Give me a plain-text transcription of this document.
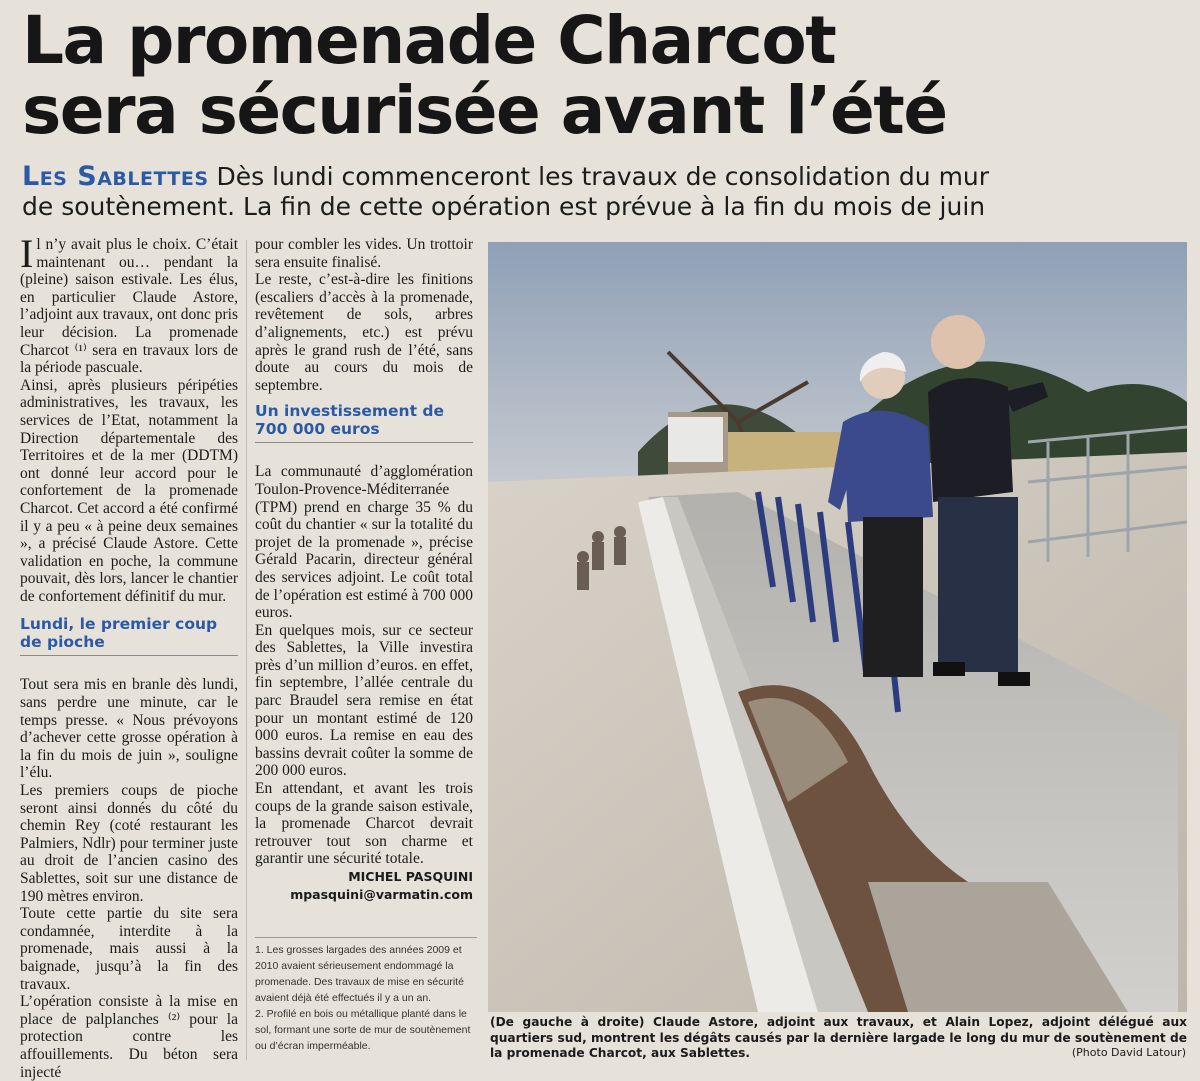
La promenade Charcot
sera sécurisée avant l’été
Les Sablettes Dès lundi commenceront les travaux de consolidation du mur
de soutènement. La fin de cette opération est prévue à la fin du mois de juin

Il n’y avait plus le choix. C’était maintenant ou… pendant la (pleine) saison estivale. Les élus, en particulier Claude Astore, l’adjoint aux travaux, ont donc pris leur décision. La promenade Charcot ⁽¹⁾ sera en travaux lors de la période pascuale.

Ainsi, après plusieurs péripéties administratives, les travaux, les services de l’Etat, notamment la Direction départementale des Territoires et de la mer (DDTM) ont donné leur accord pour le confortement de la promenade Charcot. Cet accord a été confirmé il y a peu « à peine deux semaines », a précisé Claude Astore. Cette validation en poche, la commune pouvait, dès lors, lancer le chantier de confortement définitif du mur.

Lundi, le premier coup de pioche

Tout sera mis en branle dès lundi, sans perdre une minute, car le temps presse. « Nous prévoyons d’achever cette grosse opération à la fin du mois de juin », souligne l’élu.

Les premiers coups de pioche seront ainsi donnés du côté du chemin Rey (coté restaurant les Palmiers, Ndlr) pour terminer juste au droit de l’ancien casino des Sablettes, soit sur une distance de 190 mètres environ.

Toute cette partie du site sera condamnée, interdite à la promenade, mais aussi à la baignade, jusqu’à la fin des travaux.

L’opération consiste à la mise en place de palplanches ⁽²⁾ pour la protection contre les affouillements. Du béton sera injecté

pour combler les vides. Un trottoir sera ensuite finalisé.

Le reste, c’est-à-dire les finitions (escaliers d’accès à la promenade, revêtement de sols, arbres d’alignements, etc.) est prévu après le grand rush de l’été, sans doute au cours du mois de septembre.

Un investissement de 700 000 euros

La communauté d’agglomération Toulon-Provence-Méditerranée (TPM) prend en charge 35 % du coût du chantier « sur la totalité du projet de la promenade », précise Gérald Pacarin, directeur général des services adjoint. Le coût total de l’opération est estimé à 700 000 euros.

En quelques mois, sur ce secteur des Sablettes, la Ville investira près d’un million d’euros. en effet, fin septembre, l’allée centrale du parc Braudel sera remise en état pour un montant estimé de 120 000 euros. La remise en eau des bassins devrait coûter la somme de 200 000 euros.

En attendant, et avant les trois coups de la grande saison estivale, la promenade Charcot devrait retrouver tout son charme et garantir une sécurité totale.

MICHEL PASQUINI
mpasquini@varmatin.com

1. Les grosses largades des années 2009 et 2010 avaient sérieusement endommagé la promenade. Des travaux de mise en sécurité avaient déjà été effectués il y a un an.

2. Profilé en bois ou métallique planté dans le sol, formant une sorte de mur de soutènement ou d’écran imperméable.

(De gauche à droite) Claude Astore, adjoint aux travaux, et Alain Lopez, adjoint délégué aux quartiers sud, montrent les dégâts causés par la dernière largade le long du mur de soutènement de la promenade Charcot, aux Sablettes.	(Photo David Latour)
